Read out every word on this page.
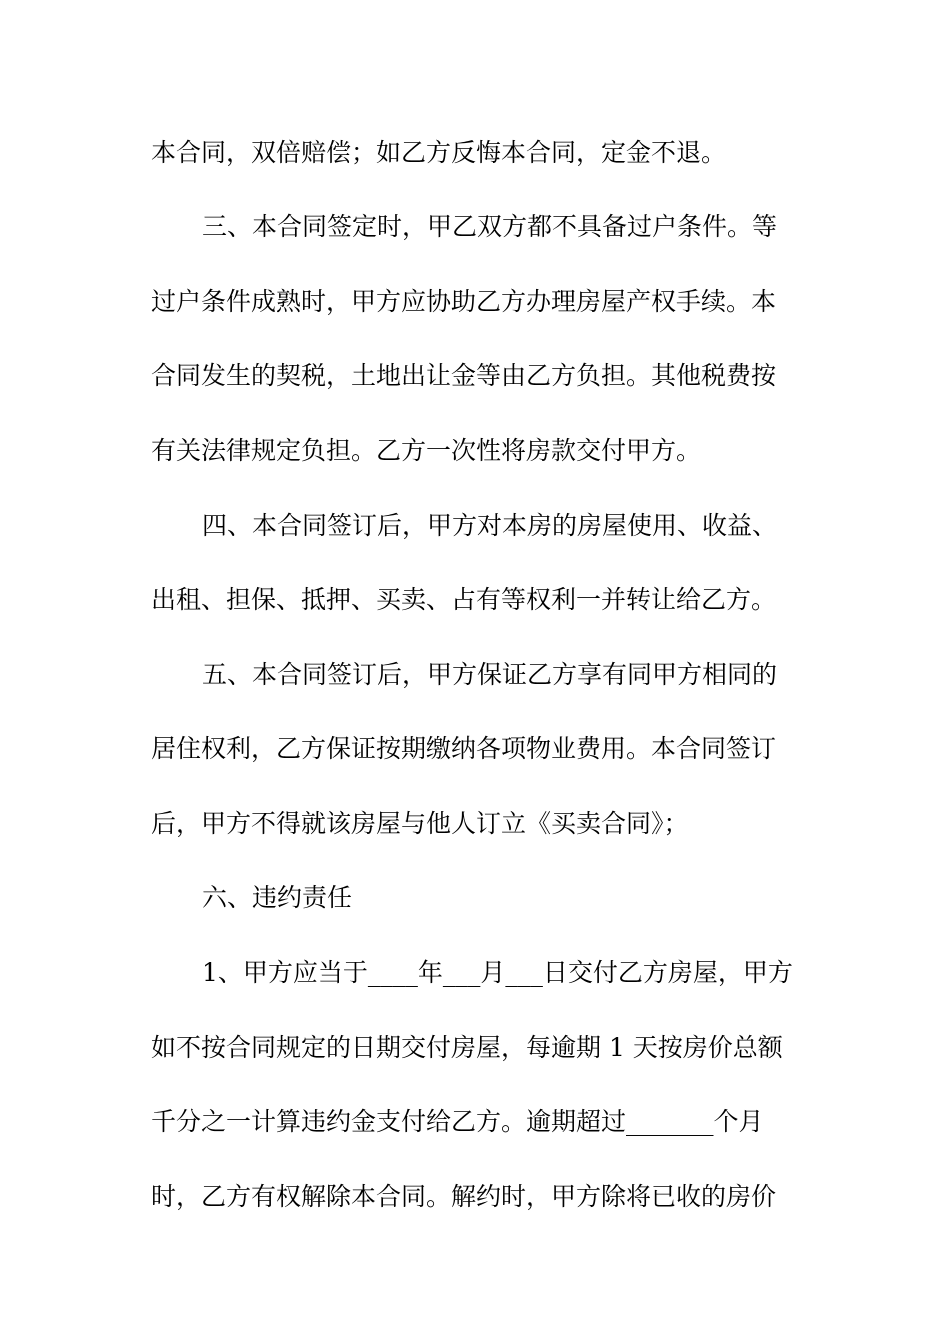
本合同，双倍赔偿；如乙方反悔本合同，定金不退。
三、本合同签定时，甲乙双方都不具备过户条件。等
过户条件成熟时，甲方应协助乙方办理房屋产权手续。本
合同发生的契税，土地出让金等由乙方负担。其他税费按
有关法律规定负担。乙方一次性将房款交付甲方。
四、本合同签订后，甲方对本房的房屋使用、收益、
出租、担保、抵押、买卖、占有等权利一并转让给乙方。
五、本合同签订后，甲方保证乙方享有同甲方相同的
居住权利，乙方保证按期缴纳各项物业费用。本合同签订
后，甲方不得就该房屋与他人订立《买卖合同》；
六、违约责任
1、甲方应当于____年___月___日交付乙方房屋，甲方
如不按合同规定的日期交付房屋，每逾期 1 天按房价总额
千分之一计算违约金支付给乙方。逾期超过_______个月
时，乙方有权解除本合同。解约时，甲方除将已收的房价
